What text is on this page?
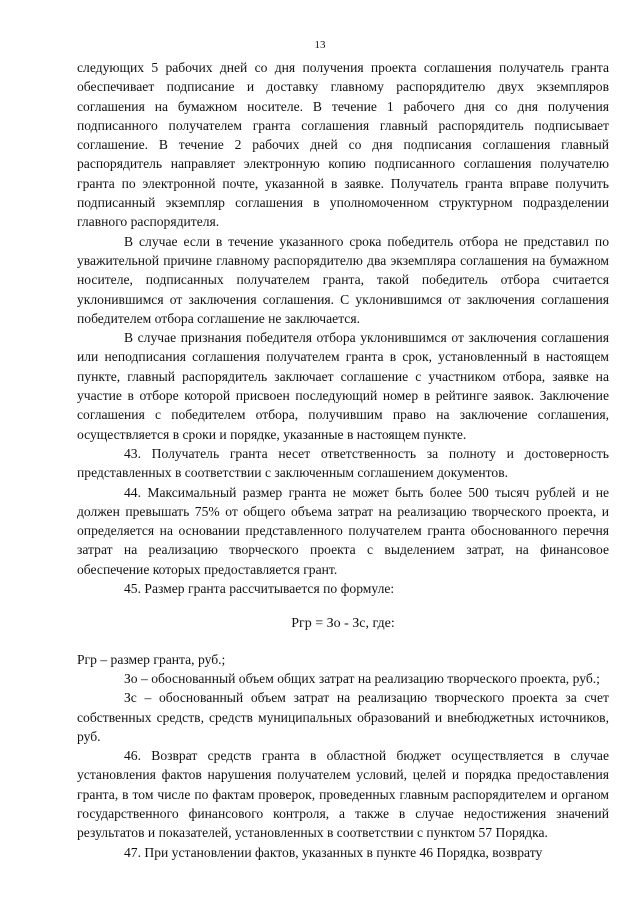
13

следующих 5 рабочих дней со дня получения проекта соглашения получатель гранта обеспечивает подписание и доставку главному распорядителю двух экземпляров соглашения на бумажном носителе. В течение 1 рабочего дня со дня получения подписанного получателем гранта соглашения главный распорядитель подписывает соглашение. В течение 2 рабочих дней со дня подписания соглашения главный распорядитель направляет электронную копию подписанного соглашения получателю гранта по электронной почте, указанной в заявке. Получатель гранта вправе получить подписанный экземпляр соглашения в уполномоченном структурном подразделении главного распорядителя.

В случае если в течение указанного срока победитель отбора не представил по уважительной причине главному распорядителю два экземпляра соглашения на бумажном носителе, подписанных получателем гранта, такой победитель отбора считается уклонившимся от заключения соглашения. С уклонившимся от заключения соглашения победителем отбора соглашение не заключается.

В случае признания победителя отбора уклонившимся от заключения соглашения или неподписания соглашения получателем гранта в срок, установленный в настоящем пункте, главный распорядитель заключает соглашение с участником отбора, заявке на участие в отборе которой присвоен последующий номер в рейтинге заявок. Заключение соглашения с победителем отбора, получившим право на заключение соглашения, осуществляется в сроки и порядке, указанные в настоящем пункте.

43. Получатель гранта несет ответственность за полноту и достоверность представленных в соответствии с заключенным соглашением документов.

44. Максимальный размер гранта не может быть более 500 тысяч рублей и не должен превышать 75% от общего объема затрат на реализацию творческого проекта, и определяется на основании представленного получателем гранта обоснованного перечня затрат на реализацию творческого проекта с выделением затрат, на финансовое обеспечение которых предоставляется грант.

45. Размер гранта рассчитывается по формуле:

Ргр = Зо - Зс, где:

Ргр – размер гранта, руб.;

Зо – обоснованный объем общих затрат на реализацию творческого проекта, руб.;

Зс – обоснованный объем затрат на реализацию творческого проекта за счет собственных средств, средств муниципальных образований и внебюджетных источников, руб.

46. Возврат средств гранта в областной бюджет осуществляется в случае установления фактов нарушения получателем условий, целей и порядка предоставления гранта, в том числе по фактам проверок, проведенных главным распорядителем и органом государственного финансового контроля, а также в случае недостижения значений результатов и показателей, установленных в соответствии с пунктом 57 Порядка.

47. При установлении фактов, указанных в пункте 46 Порядка, возврату
